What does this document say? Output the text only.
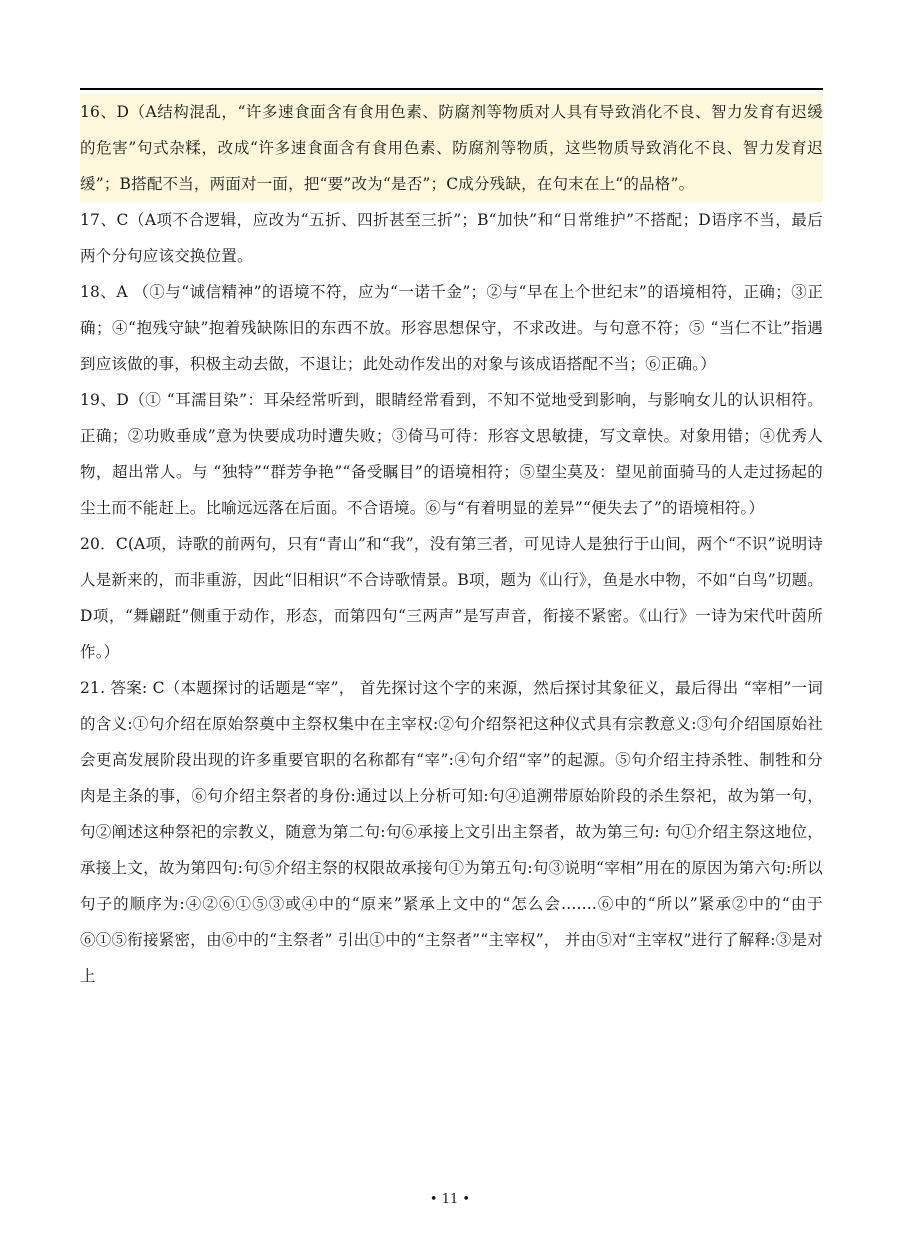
16、D（A结构混乱，“许多速食面含有食用色素、防腐剂等物质对人具有导致消化不良、智力发育有迟缓的危害”句式杂糅，改成“许多速食面含有食用色素、防腐剂等物质，这些物质导致消化不良、智力发育迟缓”；B搭配不当，两面对一面，把“要”改为“是否”；C成分残缺，在句末在上“的品格”。

17、C（A项不合逻辑，应改为“五折、四折甚至三折”；B“加快”和“日常维护”不搭配；D语序不当，最后两个分句应该交换位置。

18、A （①与“诚信精神”的语境不符，应为“一诺千金”；②与“早在上个世纪末”的语境相符，正确；③正确；④“抱残守缺”抱着残缺陈旧的东西不放。形容思想保守，不求改进。与句意不符；⑤ “当仁不让”指遇到应该做的事，积极主动去做，不退让；此处动作发出的对象与该成语搭配不当；⑥正确。）

19、D（① “耳濡目染”：耳朵经常听到，眼睛经常看到，不知不觉地受到影响，与影响女儿的认识相符。正确；②功败垂成”意为快要成功时遭失败；③倚马可待：形容文思敏捷，写文章快。对象用错；④优秀人物，超出常人。与 “独特”“群芳争艳”“备受瞩目”的语境相符；⑤望尘莫及：望见前面骑马的人走过扬起的尘土而不能赶上。比喻远远落在后面。不合语境。⑥与“有着明显的差异”“便失去了”的语境相符。）

20．C(A项，诗歌的前两句，只有“青山”和“我”，没有第三者，可见诗人是独行于山间，两个“不识”说明诗人是新来的，而非重游，因此“旧相识”不合诗歌情景。B项，题为《山行》，鱼是水中物，不如“白鸟”切题。D项，“舞翩跹”侧重于动作，形态，而第四句“三两声”是写声音，衔接不紧密。《山行》一诗为宋代叶茵所作。）

21. 答案: C（本题探讨的话题是“宰”， 首先探讨这个字的来源，然后探讨其象征义，最后得出 “宰相”一词的含义:①句介绍在原始祭奠中主祭权集中在主宰权:②句介绍祭祀这种仪式具有宗教意义:③句介绍国原始社会更高发展阶段出现的许多重要官职的名称都有“宰”:④句介绍“宰”的起源。⑤句介绍主持杀牲、制牲和分肉是主条的事，⑥句介绍主祭者的身份:通过以上分析可知:句④追溯带原始阶段的杀生祭祀，故为第一句，句②阐述这种祭祀的宗教义，随意为第二句:句⑥承接上文引出主祭者，故为第三句: 句①介绍主祭这地位，承接上文，故为第四句:句⑤介绍主祭的权限故承接句①为第五句:句③说明“宰相”用在的原因为第六句:所以句子的顺序为:④②⑥①⑤③或④中的“原来”紧承上文中的“怎么会.......⑥中的“所以”紧承②中的“由于⑥①⑤衔接紧密，由⑥中的“主祭者” 引出①中的“主祭者”“主宰权”， 并由⑤对“主宰权”进行了解释:③是对上

• 11 •
